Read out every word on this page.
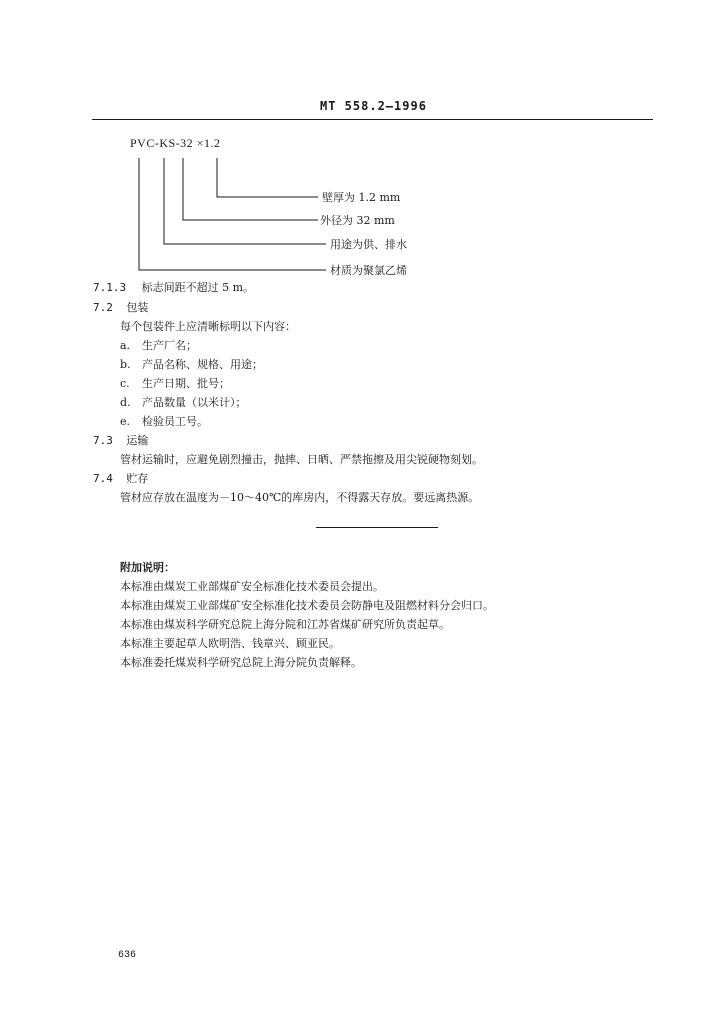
MT 558.2—1996
PVC-KS-32 ×1.2
壁厚为 1.2 mm
外径为 32 mm
用途为供、排水
材质为聚氯乙烯
7.1.3 标志间距不超过 5 m。
7.2 包装
每个包装件上应清晰标明以下内容：
a. 生产厂名；
b. 产品名称、规格、用途；
c. 生产日期、批号；
d. 产品数量（以米计）；
e. 检验员工号。
7.3 运输
管材运输时，应避免剧烈撞击，抛摔、日晒、严禁拖擦及用尖锐硬物刻划。
7.4 贮存
管材应存放在温度为－10～40℃的库房内，不得露天存放。要远离热源。
附加说明：
本标准由煤炭工业部煤矿安全标准化技术委员会提出。
本标准由煤炭工业部煤矿安全标准化技术委员会防静电及阻燃材料分会归口。
本标准由煤炭科学研究总院上海分院和江苏省煤矿研究所负责起草。
本标准主要起草人欧明浩、钱章兴、顾亚民。
本标准委托煤炭科学研究总院上海分院负责解释。
636
